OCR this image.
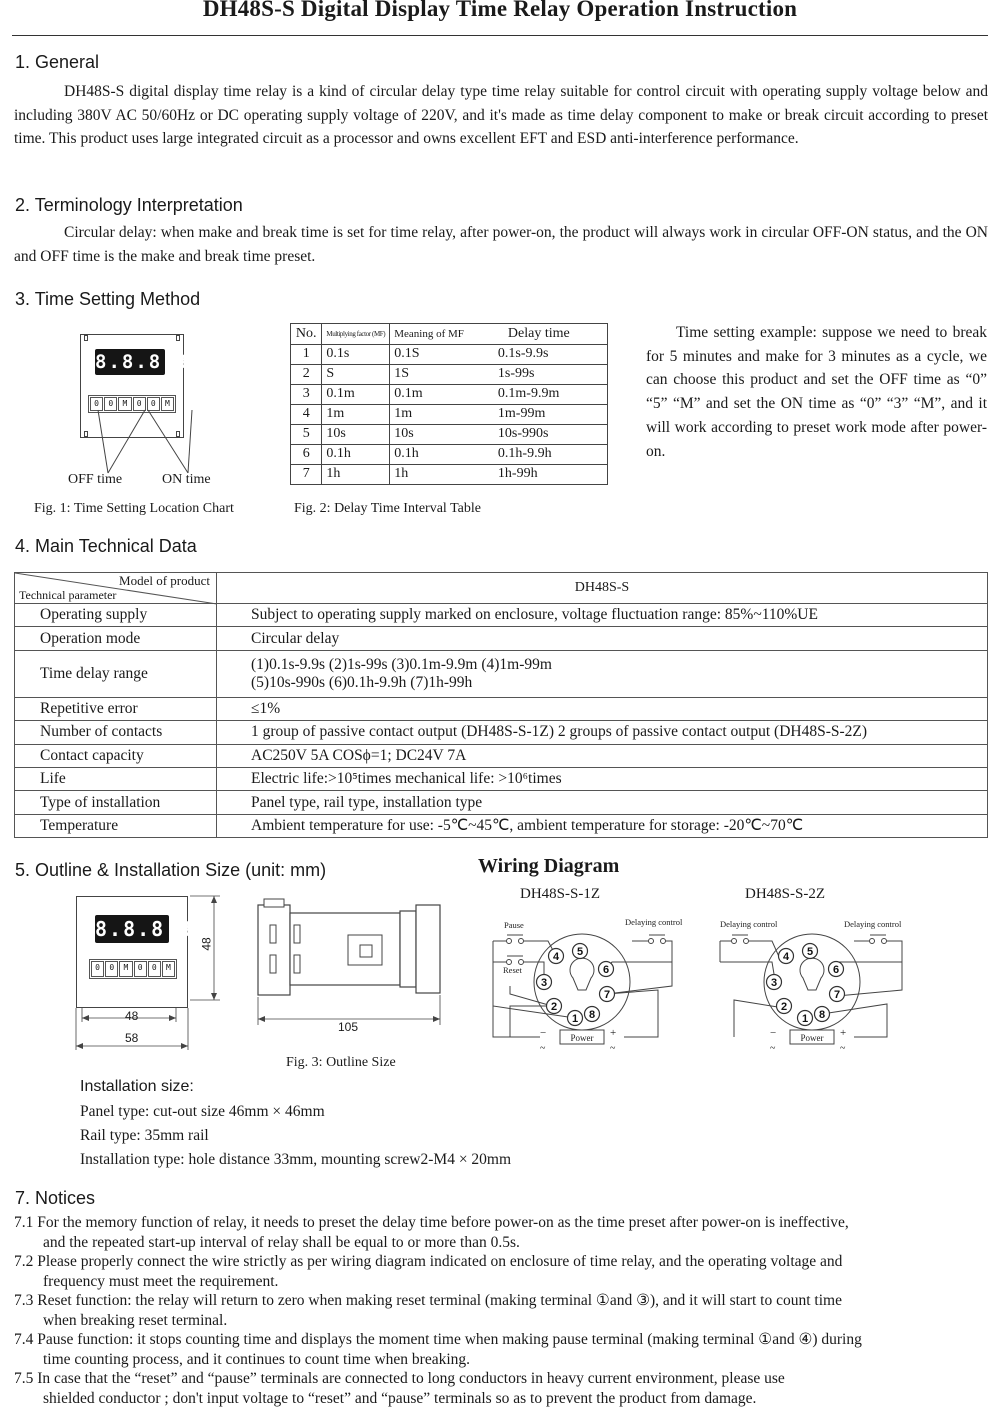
DH48S-S Digital Display Time Relay Operation Instruction
1. General
DH48S-S digital display time relay is a kind of circular delay type time relay suitable for control circuit with operating supply voltage below and including 380V AC 50/60Hz or DC operating supply voltage of 220V, and it's made as time delay component to make or break circuit according to preset time. This product uses large integrated circuit as a processor and owns excellent EFT and ESD anti-interference performance.
2. Terminology Interpretation
Circular delay: when make and break time is set for time relay, after power-on, the product will always work in circular OFF-ON status, and the ON and OFF time is the make and break time preset.
3. Time Setting Method
8.8.8.8.
0	0	M	0	0	M
OFF time	ON time
Fig. 1: Time Setting Location Chart
No.	Multiplying factor (MF)	Meaning of MF	Delay time
1	0.1s	0.1S	0.1s-9.9s
2	S	1S	1s-99s
3	0.1m	0.1m	0.1m-9.9m
4	1m	1m	1m-99m
5	10s	10s	10s-990s
6	0.1h	0.1h	0.1h-9.9h
7	1h	1h	1h-99h
Fig. 2: Delay Time Interval Table
Time setting example: suppose we need to break for 5 minutes and make for 3 minutes as a cycle, we can choose this product and set the OFF time as “0” “5” “M” and set the ON time as “0” “3” “M”, and it will work according to preset work mode after power-on.
4. Main Technical Data
Model of product
Technical parameter	DH48S-S
Operating supply	Subject to operating supply marked on enclosure, voltage fluctuation range: 85%~110%UE
Operation mode	Circular delay
Time delay range	(1)0.1s-9.9s (2)1s-99s (3)0.1m-9.9m (4)1m-99m
(5)10s-990s (6)0.1h-9.9h (7)1h-99h

Repetitive error	≤1%
Number of contacts	1 group of passive contact output (DH48S-S-1Z) 2 groups of passive contact output (DH48S-S-2Z)
Contact capacity	AC250V 5A COSϕ=1; DC24V 7A
Life	Electric life:>10⁵times mechanical life: >10⁶times
Type of installation	Panel type, rail type, installation type
Temperature	Ambient temperature for use: -5℃~45℃, ambient temperature for storage: -20℃~70℃
5. Outline & Installation Size (unit: mm)
8.8.8.8.
0	0	M	0	0	M
48
48
58
105
Fig. 3: Outline Size
Wiring Diagram
DH48S-S-1Z	DH48S-S-2Z
Power
−	+
~	~
1
2
3
4 5
6
7
8
Pause
Reset
Delaying control
Power
−	+
~	~
1
2
3
4 5
6
7
8
Delaying control	Delaying control
Installation size:
Panel type: cut-out size 46mm × 46mm
Rail type: 35mm rail
Installation type: hole distance 33mm, mounting screw2-M4 × 20mm
7. Notices
7.1 For the memory function of relay, it needs to preset the delay time before power-on as the time preset after power-on is ineffective,
and the repeated start-up interval of relay shall be equal to or more than 0.5s.
7.2 Please properly connect the wire strictly as per wiring diagram indicated on enclosure of time relay, and the operating voltage and
frequency must meet the requirement.
7.3 Reset function: the relay will return to zero when making reset terminal (making terminal ①and ③), and it will start to count time
when breaking reset terminal.
7.4 Pause function: it stops counting time and displays the moment time when making pause terminal (making terminal ①and ④) during
time counting process, and it continues to count time when breaking.
7.5 In case that the “reset” and “pause” terminals are connected to long conductors in heavy current environment, please use
shielded conductor ; don't input voltage to “reset” and “pause” terminals so as to prevent the product from damage.
